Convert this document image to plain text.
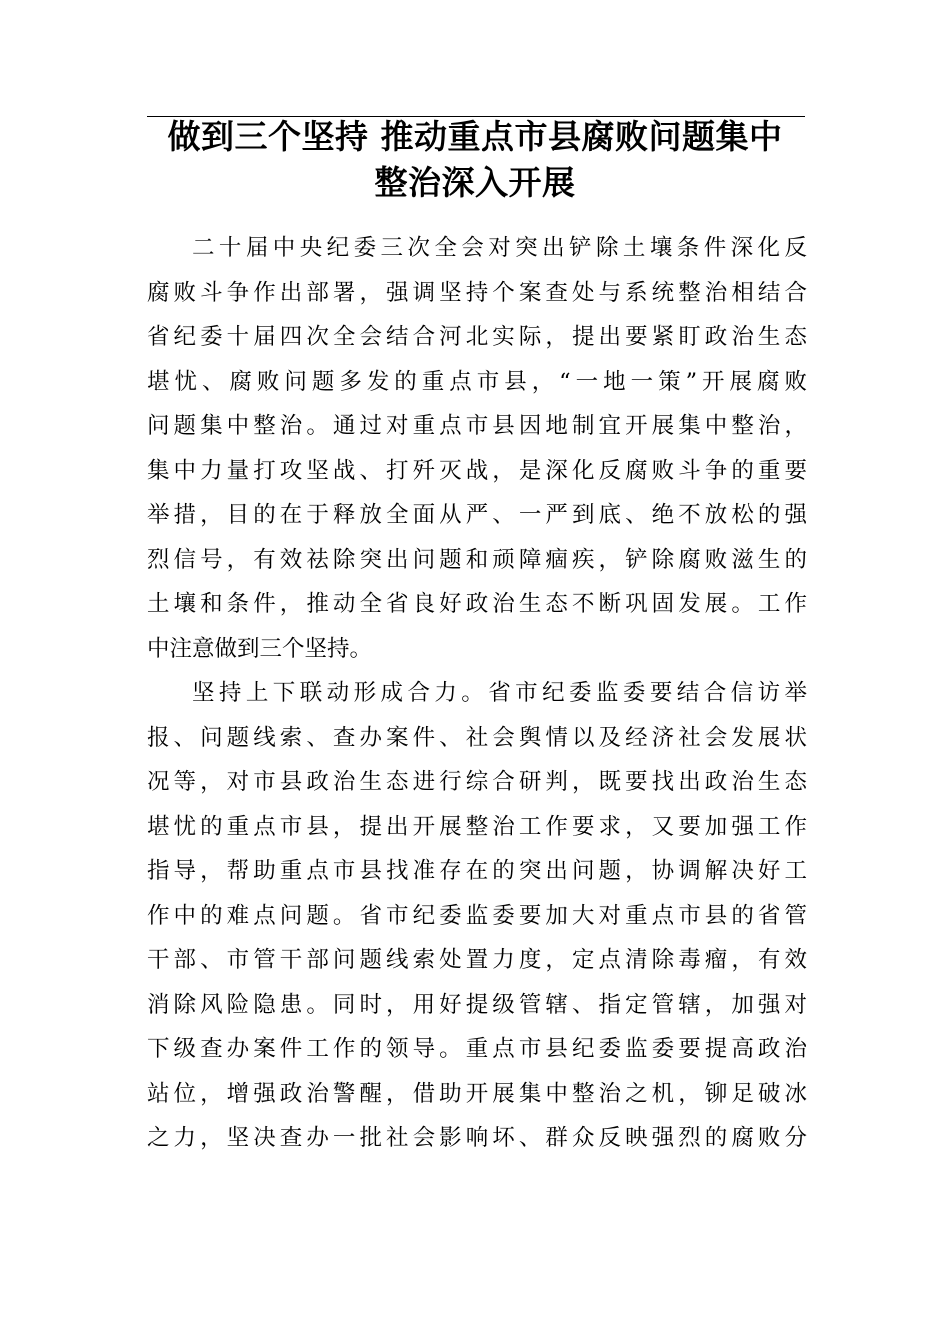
做到三个坚持 推动重点市县腐败问题集中
整治深入开展
二十届中央纪委三次全会对突出铲除土壤条件深化反
腐败斗争作出部署，强调坚持个案查处与系统整治相结合
省纪委十届四次全会结合河北实际，提出要紧盯政治生态
堪忧、腐败问题多发的重点市县，“一地一策”开展腐败
问题集中整治。通过对重点市县因地制宜开展集中整治，
集中力量打攻坚战、打歼灭战，是深化反腐败斗争的重要
举措，目的在于释放全面从严、一严到底、绝不放松的强
烈信号，有效祛除突出问题和顽障痼疾，铲除腐败滋生的
土壤和条件，推动全省良好政治生态不断巩固发展。工作
中注意做到三个坚持。
坚持上下联动形成合力。省市纪委监委要结合信访举
报、问题线索、查办案件、社会舆情以及经济社会发展状
况等，对市县政治生态进行综合研判，既要找出政治生态
堪忧的重点市县，提出开展整治工作要求，又要加强工作
指导，帮助重点市县找准存在的突出问题，协调解决好工
作中的难点问题。省市纪委监委要加大对重点市县的省管
干部、市管干部问题线索处置力度，定点清除毒瘤，有效
消除风险隐患。同时，用好提级管辖、指定管辖，加强对
下级查办案件工作的领导。重点市县纪委监委要提高政治
站位，增强政治警醒，借助开展集中整治之机，铆足破冰
之力，坚决查办一批社会影响坏、群众反映强烈的腐败分
